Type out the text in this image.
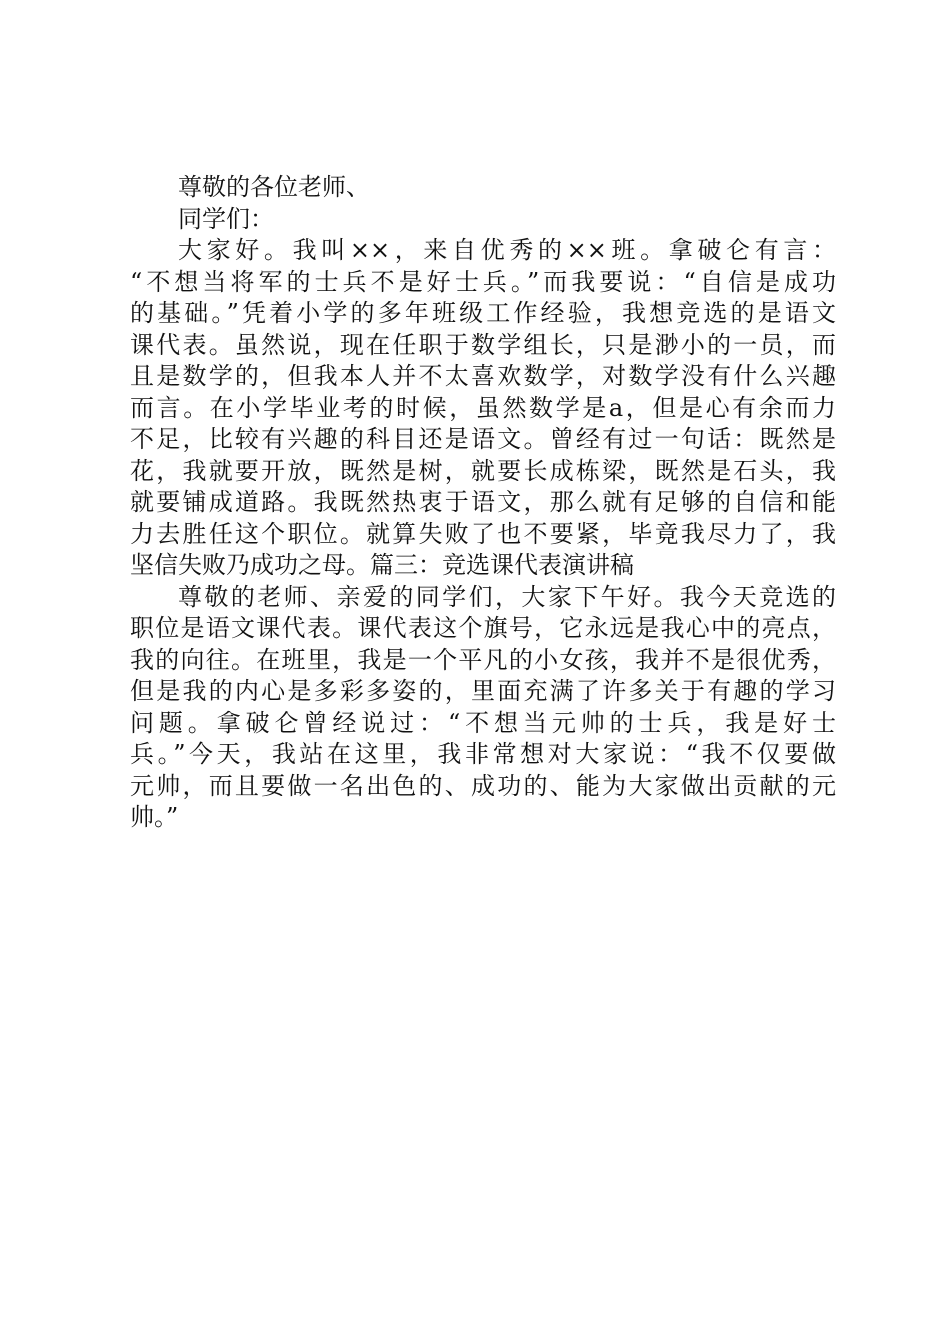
尊敬的各位老师、
同学们：
大家好。我叫××，来自优秀的××班。拿破仑有言：
“不想当将军的士兵不是好士兵。”而我要说：“自信是成功
的基础。”凭着小学的多年班级工作经验，我想竞选的是语文
课代表。虽然说，现在任职于数学组长，只是渺小的一员，而
且是数学的，但我本人并不太喜欢数学，对数学没有什么兴趣
而言。在小学毕业考的时候，虽然数学是a，但是心有余而力
不足，比较有兴趣的科目还是语文。曾经有过一句话：既然是
花，我就要开放，既然是树，就要长成栋梁，既然是石头，我
就要铺成道路。我既然热衷于语文，那么就有足够的自信和能
力去胜任这个职位。就算失败了也不要紧，毕竟我尽力了，我
坚信失败乃成功之母。篇三：竞选课代表演讲稿
尊敬的老师、亲爱的同学们，大家下午好。我今天竞选的
职位是语文课代表。课代表这个旗号，它永远是我心中的亮点，
我的向往。在班里，我是一个平凡的小女孩，我并不是很优秀，
但是我的内心是多彩多姿的，里面充满了许多关于有趣的学习
问题。拿破仑曾经说过：“不想当元帅的士兵，我是好士
兵。”今天，我站在这里，我非常想对大家说：“我不仅要做
元帅，而且要做一名出色的、成功的、能为大家做出贡献的元
帅。”
